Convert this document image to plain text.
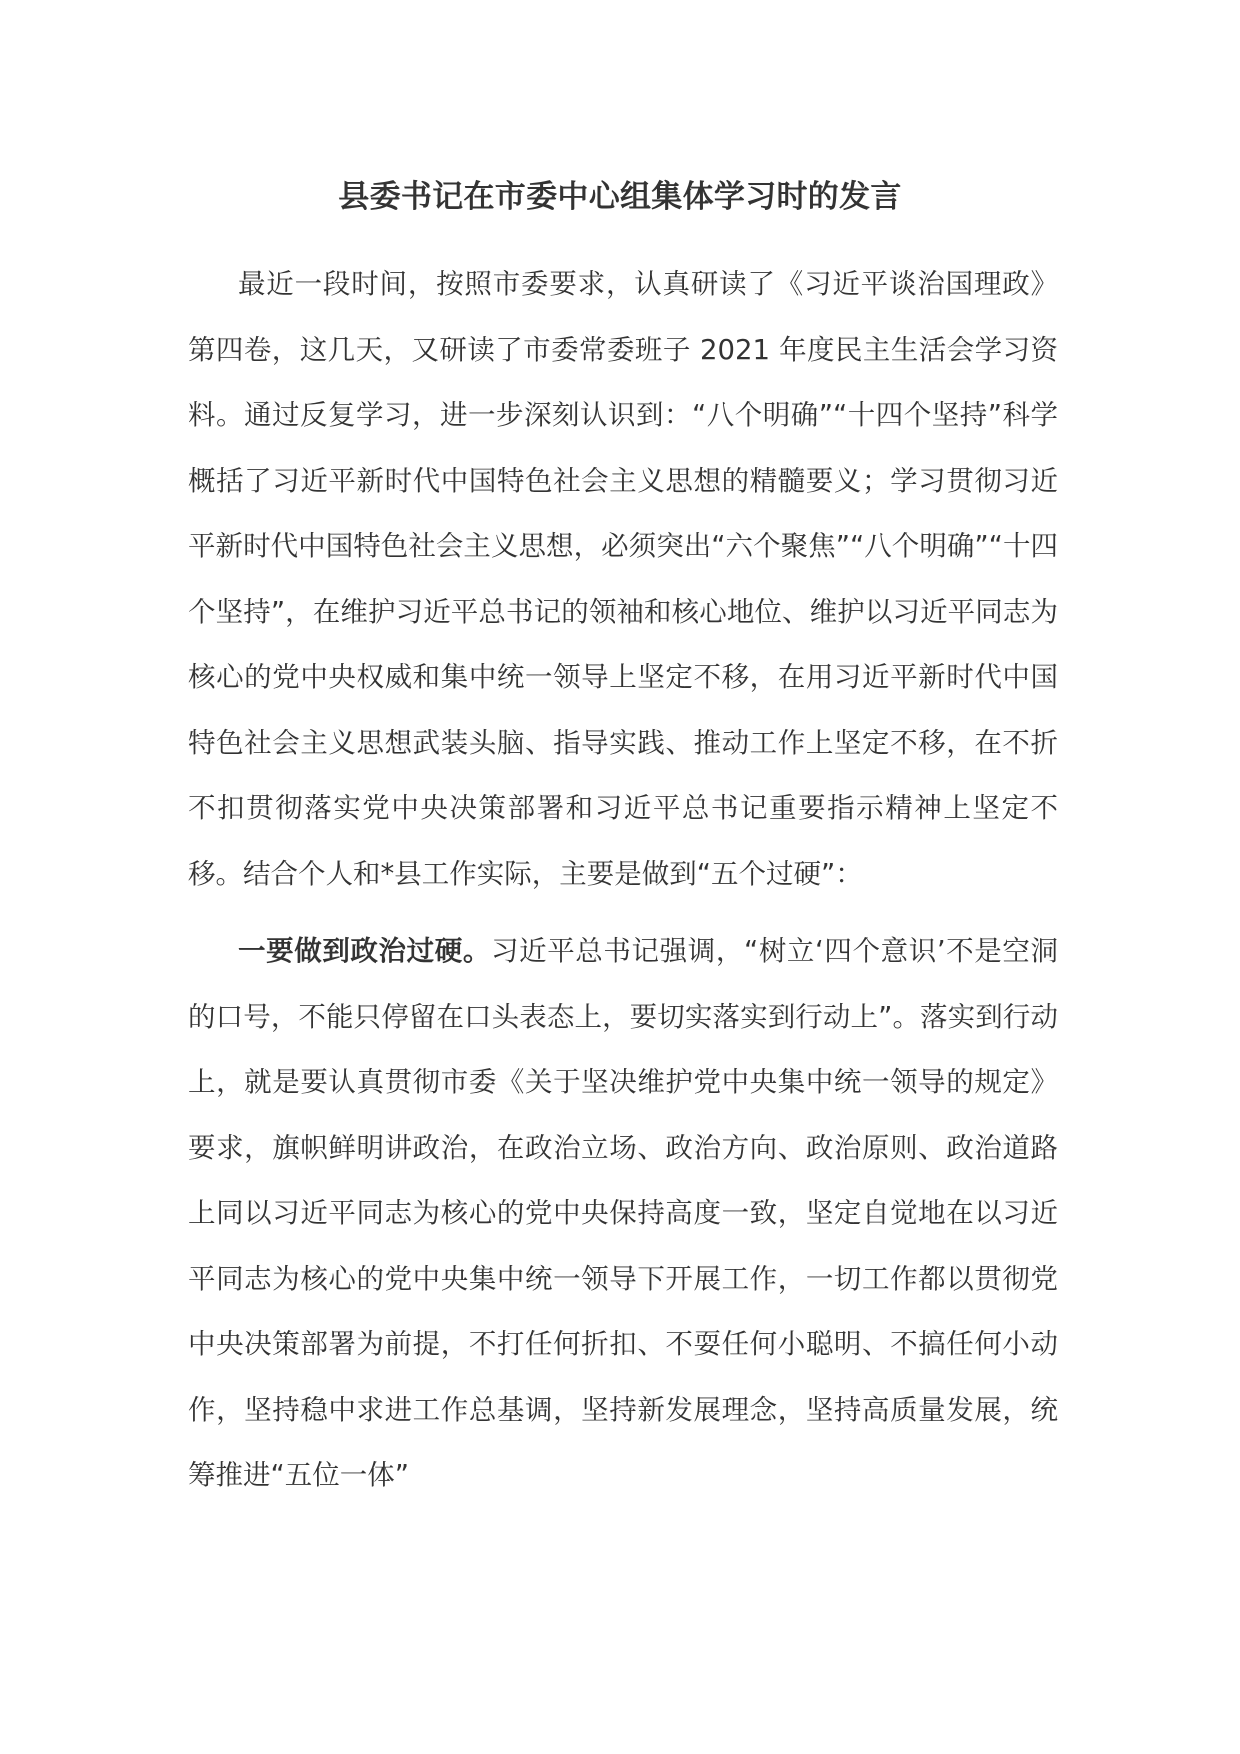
县委书记在市委中心组集体学习时的发言

最近一段时间，按照市委要求，认真研读了《习近平谈治国理政》第四卷，这几天，又研读了市委常委班子 2021 年度民主生活会学习资料。通过反复学习，进一步深刻认识到：“八个明确”“十四个坚持”科学概括了习近平新时代中国特色社会主义思想的精髓要义；学习贯彻习近平新时代中国特色社会主义思想，必须突出“六个聚焦”“八个明确”“十四个坚持”，在维护习近平总书记的领袖和核心地位、维护以习近平同志为核心的党中央权威和集中统一领导上坚定不移，在用习近平新时代中国特色社会主义思想武装头脑、指导实践、推动工作上坚定不移，在不折不扣贯彻落实党中央决策部署和习近平总书记重要指示精神上坚定不移。结合个人和*县工作实际，主要是做到“五个过硬”：

一要做到政治过硬。习近平总书记强调，“树立‘四个意识’不是空洞的口号，不能只停留在口头表态上，要切实落实到行动上”。落实到行动上，就是要认真贯彻市委《关于坚决维护党中央集中统一领导的规定》要求，旗帜鲜明讲政治，在政治立场、政治方向、政治原则、政治道路上同以习近平同志为核心的党中央保持高度一致，坚定自觉地在以习近平同志为核心的党中央集中统一领导下开展工作，一切工作都以贯彻党中央决策部署为前提，不打任何折扣、不耍任何小聪明、不搞任何小动作，坚持稳中求进工作总基调，坚持新发展理念，坚持高质量发展，统筹推进“五位一体”
